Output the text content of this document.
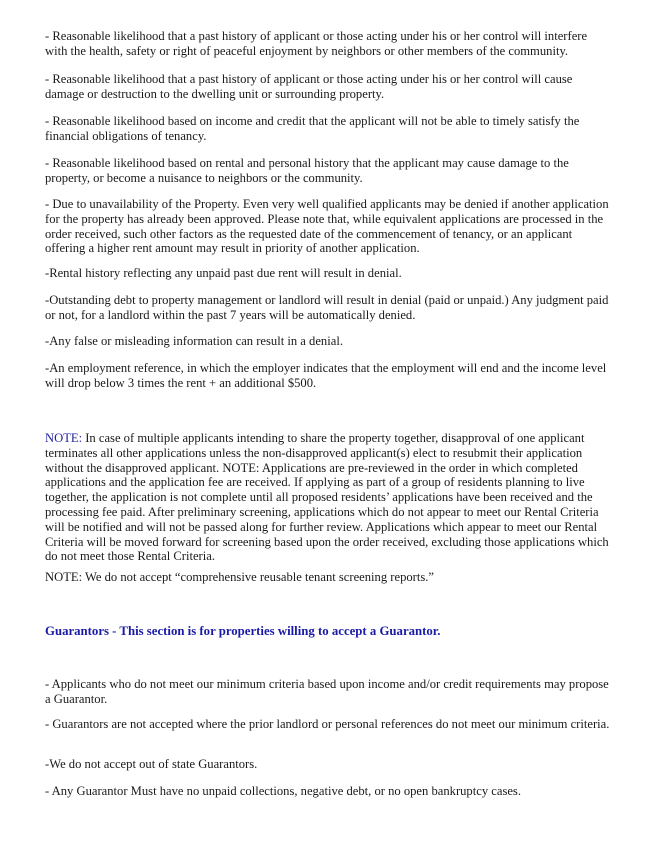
- Reasonable likelihood that a past history of applicant or those acting under his or her control will interfere with the health, safety or right of peaceful enjoyment by neighbors or other members of the community.

- Reasonable likelihood that a past history of applicant or those acting under his or her control will cause damage or destruction to the dwelling unit or surrounding property.

- Reasonable likelihood based on income and credit that the applicant will not be able to timely satisfy the financial obligations of tenancy.

- Reasonable likelihood based on rental and personal history that the applicant may cause damage to the property, or become a nuisance to neighbors or the community.

- Due to unavailability of the Property. Even very well qualified applicants may be denied if another application for the property has already been approved. Please note that, while equivalent applications are processed in the order received, such other factors as the requested date of the commencement of tenancy, or an applicant offering a higher rent amount may result in priority of another application.

-Rental history reflecting any unpaid past due rent will result in denial.

-Outstanding debt to property management or landlord will result in denial (paid or unpaid.) Any judgment paid or not, for a landlord within the past 7 years will be automatically denied.

-Any false or misleading information can result in a denial.

-An employment reference, in which the employer indicates that the employment will end and the income level will drop below 3 times the rent + an additional $500.

NOTE: In case of multiple applicants intending to share the property together, disapproval of one applicant terminates all other applications unless the non-disapproved applicant(s) elect to resubmit their application without the disapproved applicant. NOTE: Applications are pre-reviewed in the order in which completed applications and the application fee are received. If applying as part of a group of residents planning to live together, the application is not complete until all proposed residents’ applications have been received and the processing fee paid. After preliminary screening, applications which do not appear to meet our Rental Criteria will be notified and will not be passed along for further review. Applications which appear to meet our Rental Criteria will be moved forward for screening based upon the order received, excluding those applications which do not meet those Rental Criteria.

NOTE: We do not accept “comprehensive reusable tenant screening reports.”

Guarantors - This section is for properties willing to accept a Guarantor.

- Applicants who do not meet our minimum criteria based upon income and/or credit requirements may propose a Guarantor.

- Guarantors are not accepted where the prior landlord or personal references do not meet our minimum criteria.

-We do not accept out of state Guarantors.

- Any Guarantor Must have no unpaid collections, negative debt, or no open bankruptcy cases.
